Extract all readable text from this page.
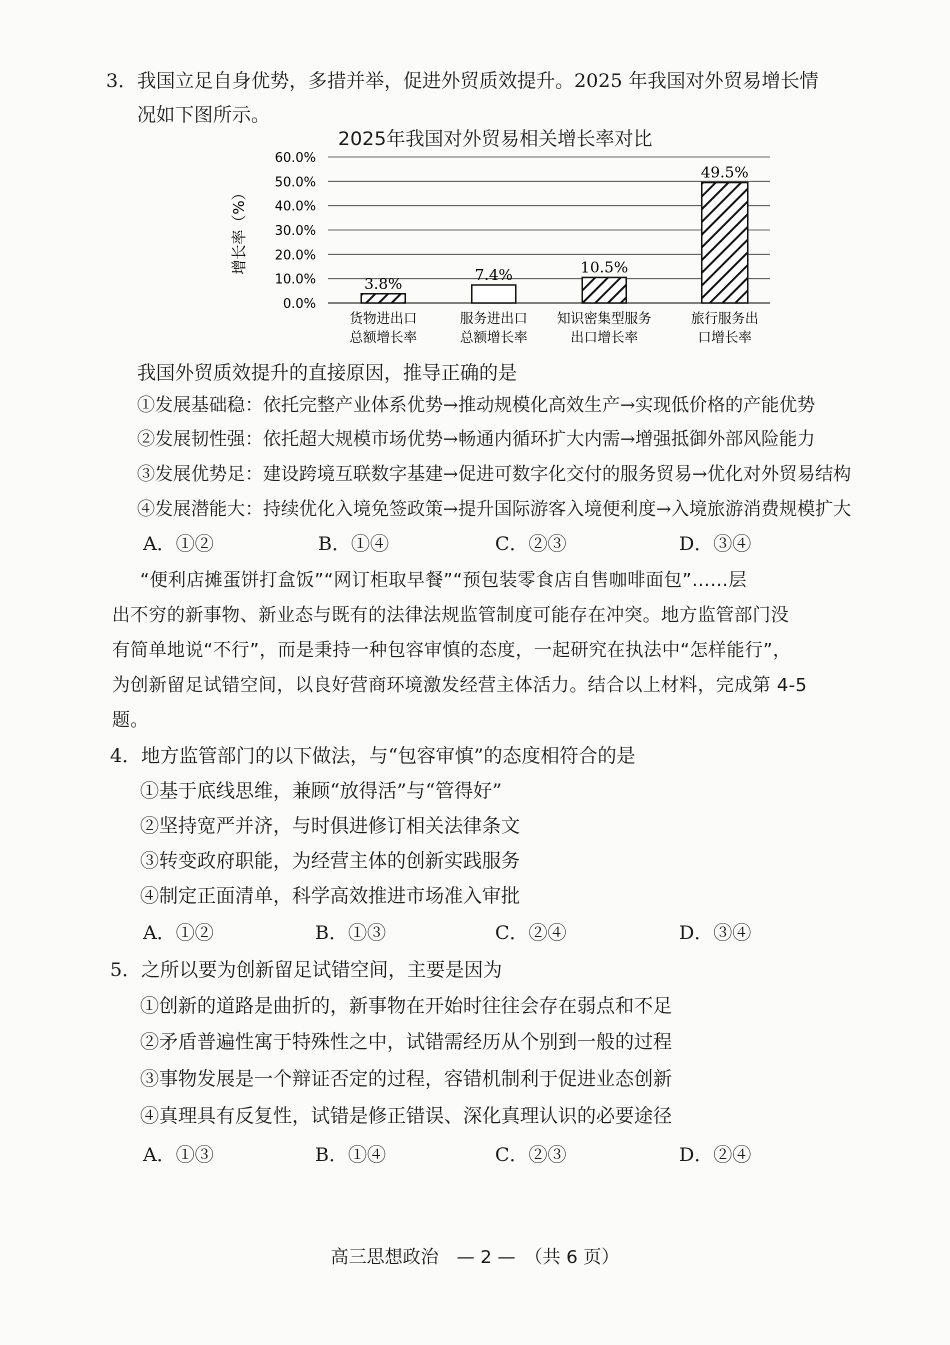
3．我国立足自身优势，多措并举，促进外贸质效提升。2025 年我国对外贸易增长情
况如下图所示。
2025年我国对外贸易相关增长率对比
增长率（%）
0.0%
10.0%
20.0%
30.0%
40.0%
50.0%
60.0%
3.8%
货物进出口
总额增长率
7.4%
服务进出口
总额增长率
10.5%
知识密集型服务
出口增长率
49.5%
旅行服务出
口增长率
我国外贸质效提升的直接原因，推导正确的是
①发展基础稳：依托完整产业体系优势→推动规模化高效生产→实现低价格的产能优势
②发展韧性强：依托超大规模市场优势→畅通内循环扩大内需→增强抵御外部风险能力
③发展优势足：建设跨境互联数字基建→促进可数字化交付的服务贸易→优化对外贸易结构
④发展潜能大：持续优化入境免签政策→提升国际游客入境便利度→入境旅游消费规模扩大
A．①②	B．①④	C．②③	D．③④
“便利店摊蛋饼打盒饭”“网订柜取早餐”“预包装零食店自售咖啡面包”……层
出不穷的新事物、新业态与既有的法律法规监管制度可能存在冲突。地方监管部门没
有简单地说“不行”，而是秉持一种包容审慎的态度，一起研究在执法中“怎样能行”，
为创新留足试错空间，以良好营商环境激发经营主体活力。结合以上材料，完成第 4-5
题。
4．地方监管部门的以下做法，与“包容审慎”的态度相符合的是
①基于底线思维，兼顾“放得活”与“管得好”
②坚持宽严并济，与时俱进修订相关法律条文
③转变政府职能，为经营主体的创新实践服务
④制定正面清单，科学高效推进市场准入审批
A．①②	B．①③	C．②④	D．③④
5．之所以要为创新留足试错空间，主要是因为
①创新的道路是曲折的，新事物在开始时往往会存在弱点和不足
②矛盾普遍性寓于特殊性之中，试错需经历从个别到一般的过程
③事物发展是一个辩证否定的过程，容错机制利于促进业态创新
④真理具有反复性，试错是修正错误、深化真理认识的必要途径
A．①③	B．①④	C．②③	D．②④
高三思想政治　— 2 —　（共 6 页）
